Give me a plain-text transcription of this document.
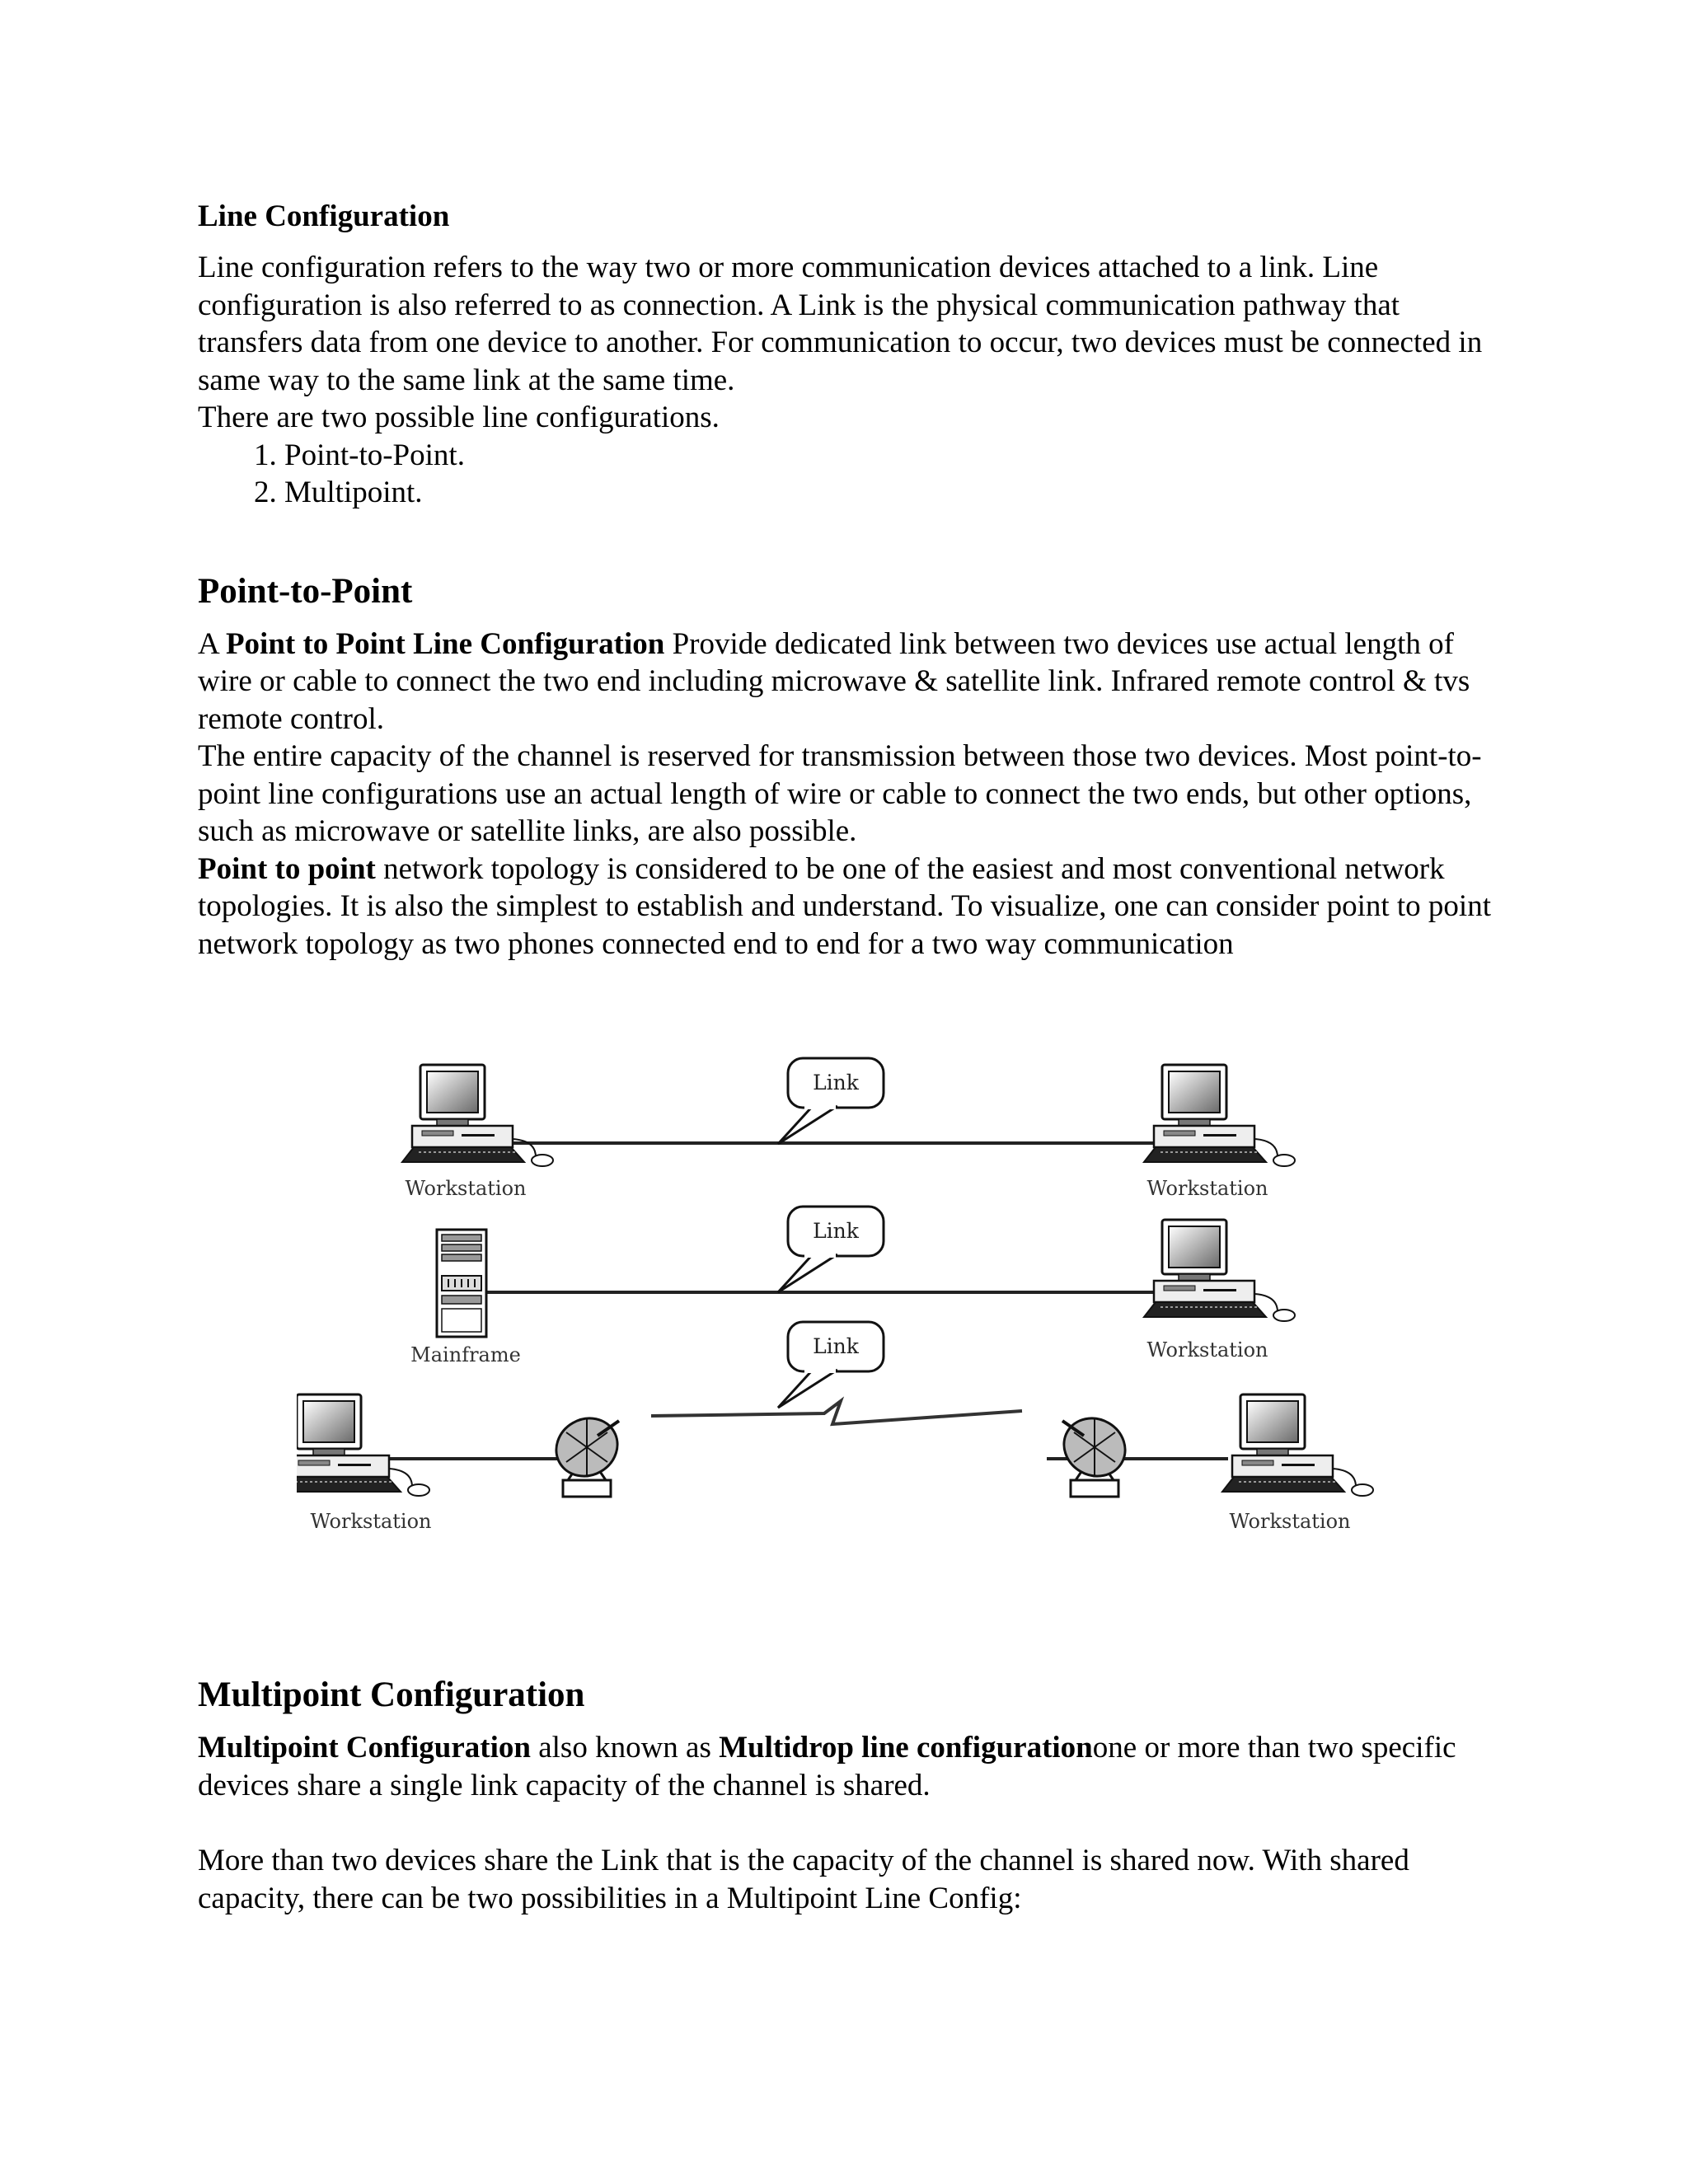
Line Configuration

Line configuration refers to the way two or more communication devices attached to a link. Line configuration is also referred to as connection. A Link is the physical communication pathway that transfers data from one device to another. For communication to occur, two devices must be connected in same way to the same link at the same time.

There are two possible line configurations.

1. Point-to-Point.
2. Multipoint.
Point-to-Point

A Point to Point Line Configuration Provide dedicated link between two devices use actual length of wire or cable to connect the two end including microwave & satellite link. Infrared remote control & tvs remote control.

The entire capacity of the channel is reserved for transmission between those two devices. Most point-to-point line configurations use an actual length of wire or cable to connect the two ends, but other options, such as microwave or satellite links, are also possible.

Point to point network topology is considered to be one of the easiest and most conventional network topologies. It is also the simplest to establish and understand. To visualize, one can consider point to point network topology as two phones connected end to end for a two way communication

Link
Workstation	Workstation
Link
Mainframe	Workstation
Link
Workstation	Workstation
Multipoint Configuration

Multipoint Configuration also known as Multidrop line configurationone or more than two specific devices share a single link capacity of the channel is shared.

More than two devices share the Link that is the capacity of the channel is shared now. With shared capacity, there can be two possibilities in a Multipoint Line Config:
